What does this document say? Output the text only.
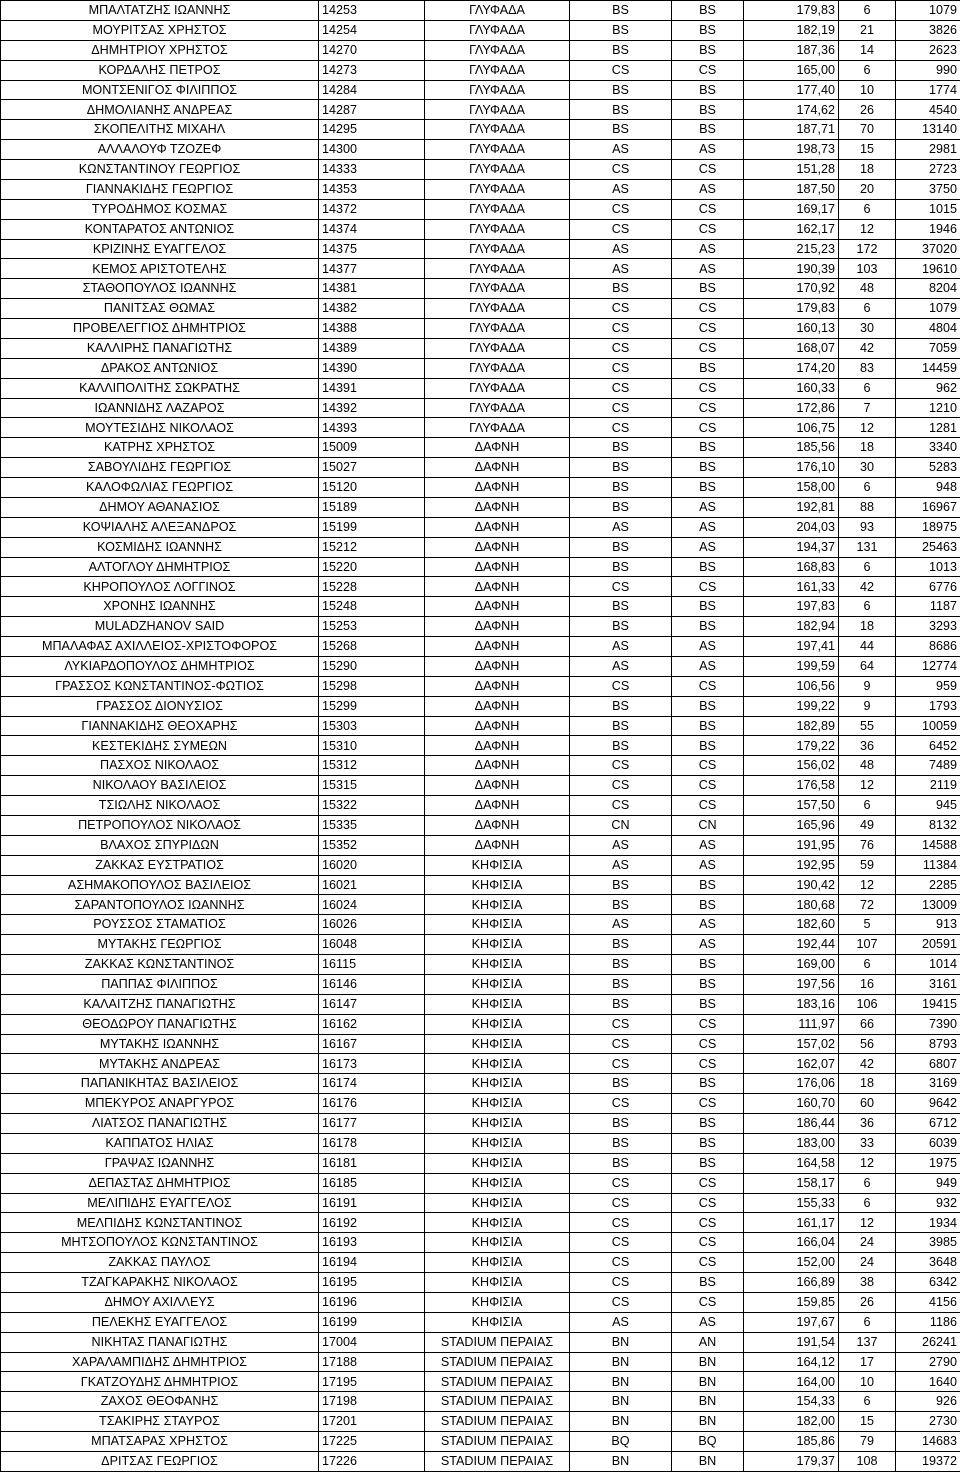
ΜΠΑΛΤΑΤΖΗΣ ΙΩΑΝΝΗΣ	14253	ΓΛΥΦΑΔΑ	BS	BS	179,83	6	1079
ΜΟΥΡΙΤΣΑΣ ΧΡΗΣΤΟΣ	14254	ΓΛΥΦΑΔΑ	BS	BS	182,19	21	3826
ΔΗΜΗΤΡΙΟΥ ΧΡΗΣΤΟΣ	14270	ΓΛΥΦΑΔΑ	BS	BS	187,36	14	2623
ΚΟΡΔΑΛΗΣ ΠΕΤΡΟΣ	14273	ΓΛΥΦΑΔΑ	CS	CS	165,00	6	990
ΜΟΝΤΣΕΝΙΓΟΣ ΦΙΛΙΠΠΟΣ	14284	ΓΛΥΦΑΔΑ	BS	BS	177,40	10	1774
ΔΗΜΟΛΙΑΝΗΣ ΑΝΔΡΕΑΣ	14287	ΓΛΥΦΑΔΑ	BS	BS	174,62	26	4540
ΣΚΟΠΕΛΙΤΗΣ ΜΙΧΑΗΛ	14295	ΓΛΥΦΑΔΑ	BS	BS	187,71	70	13140
ΑΛΛΑΛΟΥΦ ΤΖΟΖΕΦ	14300	ΓΛΥΦΑΔΑ	AS	AS	198,73	15	2981
ΚΩΝΣΤΑΝΤΙΝΟΥ ΓΕΩΡΓΙΟΣ	14333	ΓΛΥΦΑΔΑ	CS	CS	151,28	18	2723
ΓΙΑΝΝΑΚΙΔΗΣ ΓΕΩΡΓΙΟΣ	14353	ΓΛΥΦΑΔΑ	AS	AS	187,50	20	3750
ΤΥΡΟΔΗΜΟΣ ΚΟΣΜΑΣ	14372	ΓΛΥΦΑΔΑ	CS	CS	169,17	6	1015
ΚΟΝΤΑΡΑΤΟΣ ΑΝΤΩΝΙΟΣ	14374	ΓΛΥΦΑΔΑ	CS	CS	162,17	12	1946
ΚΡΙΖΙΝΗΣ ΕΥΑΓΓΕΛΟΣ	14375	ΓΛΥΦΑΔΑ	AS	AS	215,23	172	37020
ΚΕΜΟΣ ΑΡΙΣΤΟΤΕΛΗΣ	14377	ΓΛΥΦΑΔΑ	AS	AS	190,39	103	19610
ΣΤΑΘΟΠΟΥΛΟΣ ΙΩΑΝΝΗΣ	14381	ΓΛΥΦΑΔΑ	BS	BS	170,92	48	8204
ΠΑΝΙΤΣΑΣ ΘΩΜΑΣ	14382	ΓΛΥΦΑΔΑ	CS	CS	179,83	6	1079
ΠΡΟΒΕΛΕΓΓΙΟΣ ΔΗΜΗΤΡΙΟΣ	14388	ΓΛΥΦΑΔΑ	CS	CS	160,13	30	4804
ΚΑΛΛΙΡΗΣ ΠΑΝΑΓΙΩΤΗΣ	14389	ΓΛΥΦΑΔΑ	CS	CS	168,07	42	7059
ΔΡΑΚΟΣ ΑΝΤΩΝΙΟΣ	14390	ΓΛΥΦΑΔΑ	CS	BS	174,20	83	14459
ΚΑΛΛΙΠΟΛΙΤΗΣ ΣΩΚΡΑΤΗΣ	14391	ΓΛΥΦΑΔΑ	CS	CS	160,33	6	962
ΙΩΑΝΝΙΔΗΣ ΛΑΖΑΡΟΣ	14392	ΓΛΥΦΑΔΑ	CS	CS	172,86	7	1210
ΜΟΥΤΕΣΙΔΗΣ ΝΙΚΟΛΑΟΣ	14393	ΓΛΥΦΑΔΑ	CS	CS	106,75	12	1281
ΚΑΤΡΗΣ ΧΡΗΣΤΟΣ	15009	ΔΑΦΝΗ	BS	BS	185,56	18	3340
ΣΑΒΟΥΛΙΔΗΣ ΓΕΩΡΓΙΟΣ	15027	ΔΑΦΝΗ	BS	BS	176,10	30	5283
ΚΑΛΟΦΩΛΙΑΣ ΓΕΩΡΓΙΟΣ	15120	ΔΑΦΝΗ	BS	BS	158,00	6	948
ΔΗΜΟΥ ΑΘΑΝΑΣΙΟΣ	15189	ΔΑΦΝΗ	BS	AS	192,81	88	16967
ΚΟΨΙΑΛΗΣ ΑΛΕΞΑΝΔΡΟΣ	15199	ΔΑΦΝΗ	AS	AS	204,03	93	18975
ΚΟΣΜΙΔΗΣ ΙΩΑΝΝΗΣ	15212	ΔΑΦΝΗ	BS	AS	194,37	131	25463
ΑΛΤΟΓΛΟΥ ΔΗΜΗΤΡΙΟΣ	15220	ΔΑΦΝΗ	BS	BS	168,83	6	1013
ΚΗΡΟΠΟΥΛΟΣ ΛΟΓΓΙΝΟΣ	15228	ΔΑΦΝΗ	CS	CS	161,33	42	6776
ΧΡΟΝΗΣ ΙΩΑΝΝΗΣ	15248	ΔΑΦΝΗ	BS	BS	197,83	6	1187
MULADZHANOV SAID	15253	ΔΑΦΝΗ	BS	BS	182,94	18	3293
ΜΠΑΛΑΦΑΣ ΑΧΙΛΛΕΙΟΣ-ΧΡΙΣΤΟΦΟΡΟΣ	15268	ΔΑΦΝΗ	AS	AS	197,41	44	8686
ΛΥΚΙΑΡΔΟΠΟΥΛΟΣ ΔΗΜΗΤΡΙΟΣ	15290	ΔΑΦΝΗ	AS	AS	199,59	64	12774
ΓΡΑΣΣΟΣ ΚΩΝΣΤΑΝΤΙΝΟΣ-ΦΩΤΙΟΣ	15298	ΔΑΦΝΗ	CS	CS	106,56	9	959
ΓΡΑΣΣΟΣ ΔΙΟΝΥΣΙΟΣ	15299	ΔΑΦΝΗ	BS	BS	199,22	9	1793
ΓΙΑΝΝΑΚΙΔΗΣ ΘΕΟΧΑΡΗΣ	15303	ΔΑΦΝΗ	BS	BS	182,89	55	10059
ΚΕΣΤΕΚΙΔΗΣ ΣΥΜΕΩΝ	15310	ΔΑΦΝΗ	BS	BS	179,22	36	6452
ΠΑΣΧΟΣ ΝΙΚΟΛΑΟΣ	15312	ΔΑΦΝΗ	CS	CS	156,02	48	7489
ΝΙΚΟΛΑΟΥ ΒΑΣΙΛΕΙΟΣ	15315	ΔΑΦΝΗ	CS	CS	176,58	12	2119
ΤΣΙΩΛΗΣ ΝΙΚΟΛΑΟΣ	15322	ΔΑΦΝΗ	CS	CS	157,50	6	945
ΠΕΤΡΟΠΟΥΛΟΣ ΝΙΚΟΛΑΟΣ	15335	ΔΑΦΝΗ	CN	CN	165,96	49	8132
ΒΛΑΧΟΣ ΣΠΥΡΙΔΩΝ	15352	ΔΑΦΝΗ	AS	AS	191,95	76	14588
ΖΑΚΚΑΣ ΕΥΣΤΡΑΤΙΟΣ	16020	ΚΗΦΙΣΙΑ	AS	AS	192,95	59	11384
ΑΣΗΜΑΚΟΠΟΥΛΟΣ ΒΑΣΙΛΕΙΟΣ	16021	ΚΗΦΙΣΙΑ	BS	BS	190,42	12	2285
ΣΑΡΑΝΤΟΠΟΥΛΟΣ ΙΩΑΝΝΗΣ	16024	ΚΗΦΙΣΙΑ	BS	BS	180,68	72	13009
ΡΟΥΣΣΟΣ ΣΤΑΜΑΤΙΟΣ	16026	ΚΗΦΙΣΙΑ	AS	AS	182,60	5	913
ΜΥΤΑΚΗΣ ΓΕΩΡΓΙΟΣ	16048	ΚΗΦΙΣΙΑ	BS	AS	192,44	107	20591
ΖΑΚΚΑΣ ΚΩΝΣΤΑΝΤΙΝΟΣ	16115	ΚΗΦΙΣΙΑ	BS	BS	169,00	6	1014
ΠΑΠΠΑΣ ΦΙΛΙΠΠΟΣ	16146	ΚΗΦΙΣΙΑ	BS	BS	197,56	16	3161
ΚΑΛΑΙΤΖΗΣ ΠΑΝΑΓΙΩΤΗΣ	16147	ΚΗΦΙΣΙΑ	BS	BS	183,16	106	19415
ΘΕΟΔΩΡΟΥ ΠΑΝΑΓΙΩΤΗΣ	16162	ΚΗΦΙΣΙΑ	CS	CS	111,97	66	7390
ΜΥΤΑΚΗΣ ΙΩΑΝΝΗΣ	16167	ΚΗΦΙΣΙΑ	CS	CS	157,02	56	8793
ΜΥΤΑΚΗΣ ΑΝΔΡΕΑΣ	16173	ΚΗΦΙΣΙΑ	CS	CS	162,07	42	6807
ΠΑΠΑΝΙΚΗΤΑΣ ΒΑΣΙΛΕΙΟΣ	16174	ΚΗΦΙΣΙΑ	BS	BS	176,06	18	3169
ΜΠΕΚΥΡΟΣ ΑΝΑΡΓΥΡΟΣ	16176	ΚΗΦΙΣΙΑ	CS	CS	160,70	60	9642
ΛΙΑΤΣΟΣ ΠΑΝΑΓΙΩΤΗΣ	16177	ΚΗΦΙΣΙΑ	BS	BS	186,44	36	6712
ΚΑΠΠΑΤΟΣ ΗΛΙΑΣ	16178	ΚΗΦΙΣΙΑ	BS	BS	183,00	33	6039
ΓΡΑΨΑΣ ΙΩΑΝΝΗΣ	16181	ΚΗΦΙΣΙΑ	BS	BS	164,58	12	1975
ΔΕΠΑΣΤΑΣ ΔΗΜΗΤΡΙΟΣ	16185	ΚΗΦΙΣΙΑ	CS	CS	158,17	6	949
ΜΕΛΙΠΙΔΗΣ ΕΥΑΓΓΕΛΟΣ	16191	ΚΗΦΙΣΙΑ	CS	CS	155,33	6	932
ΜΕΛΠΙΔΗΣ ΚΩΝΣΤΑΝΤΙΝΟΣ	16192	ΚΗΦΙΣΙΑ	CS	CS	161,17	12	1934
ΜΗΤΣΟΠΟΥΛΟΣ ΚΩΝΣΤΑΝΤΙΝΟΣ	16193	ΚΗΦΙΣΙΑ	CS	CS	166,04	24	3985
ΖΑΚΚΑΣ ΠΑΥΛΟΣ	16194	ΚΗΦΙΣΙΑ	CS	CS	152,00	24	3648
ΤΖΑΓΚΑΡΑΚΗΣ ΝΙΚΟΛΑΟΣ	16195	ΚΗΦΙΣΙΑ	CS	BS	166,89	38	6342
ΔΗΜΟΥ ΑΧΙΛΛΕΥΣ	16196	ΚΗΦΙΣΙΑ	CS	CS	159,85	26	4156
ΠΕΛΕΚΗΣ ΕΥΑΓΓΕΛΟΣ	16199	ΚΗΦΙΣΙΑ	AS	AS	197,67	6	1186
ΝΙΚΗΤΑΣ ΠΑΝΑΓΙΩΤΗΣ	17004	STADIUM ΠΕΡΑΙΑΣ	BN	AN	191,54	137	26241
ΧΑΡΑΛΑΜΠΙΔΗΣ ΔΗΜΗΤΡΙΟΣ	17188	STADIUM ΠΕΡΑΙΑΣ	BN	BN	164,12	17	2790
ΓΚΑΤΖΟΥΔΗΣ ΔΗΜΗΤΡΙΟΣ	17195	STADIUM ΠΕΡΑΙΑΣ	BN	BN	164,00	10	1640
ΖΑΧΟΣ ΘΕΟΦΑΝΗΣ	17198	STADIUM ΠΕΡΑΙΑΣ	BN	BN	154,33	6	926
ΤΣΑΚΙΡΗΣ ΣΤΑΥΡΟΣ	17201	STADIUM ΠΕΡΑΙΑΣ	BN	BN	182,00	15	2730
ΜΠΑΤΣΑΡΑΣ ΧΡΗΣΤΟΣ	17225	STADIUM ΠΕΡΑΙΑΣ	BQ	BQ	185,86	79	14683
ΔΡΙΤΣΑΣ ΓΕΩΡΓΙΟΣ	17226	STADIUM ΠΕΡΑΙΑΣ	BN	BN	179,37	108	19372
